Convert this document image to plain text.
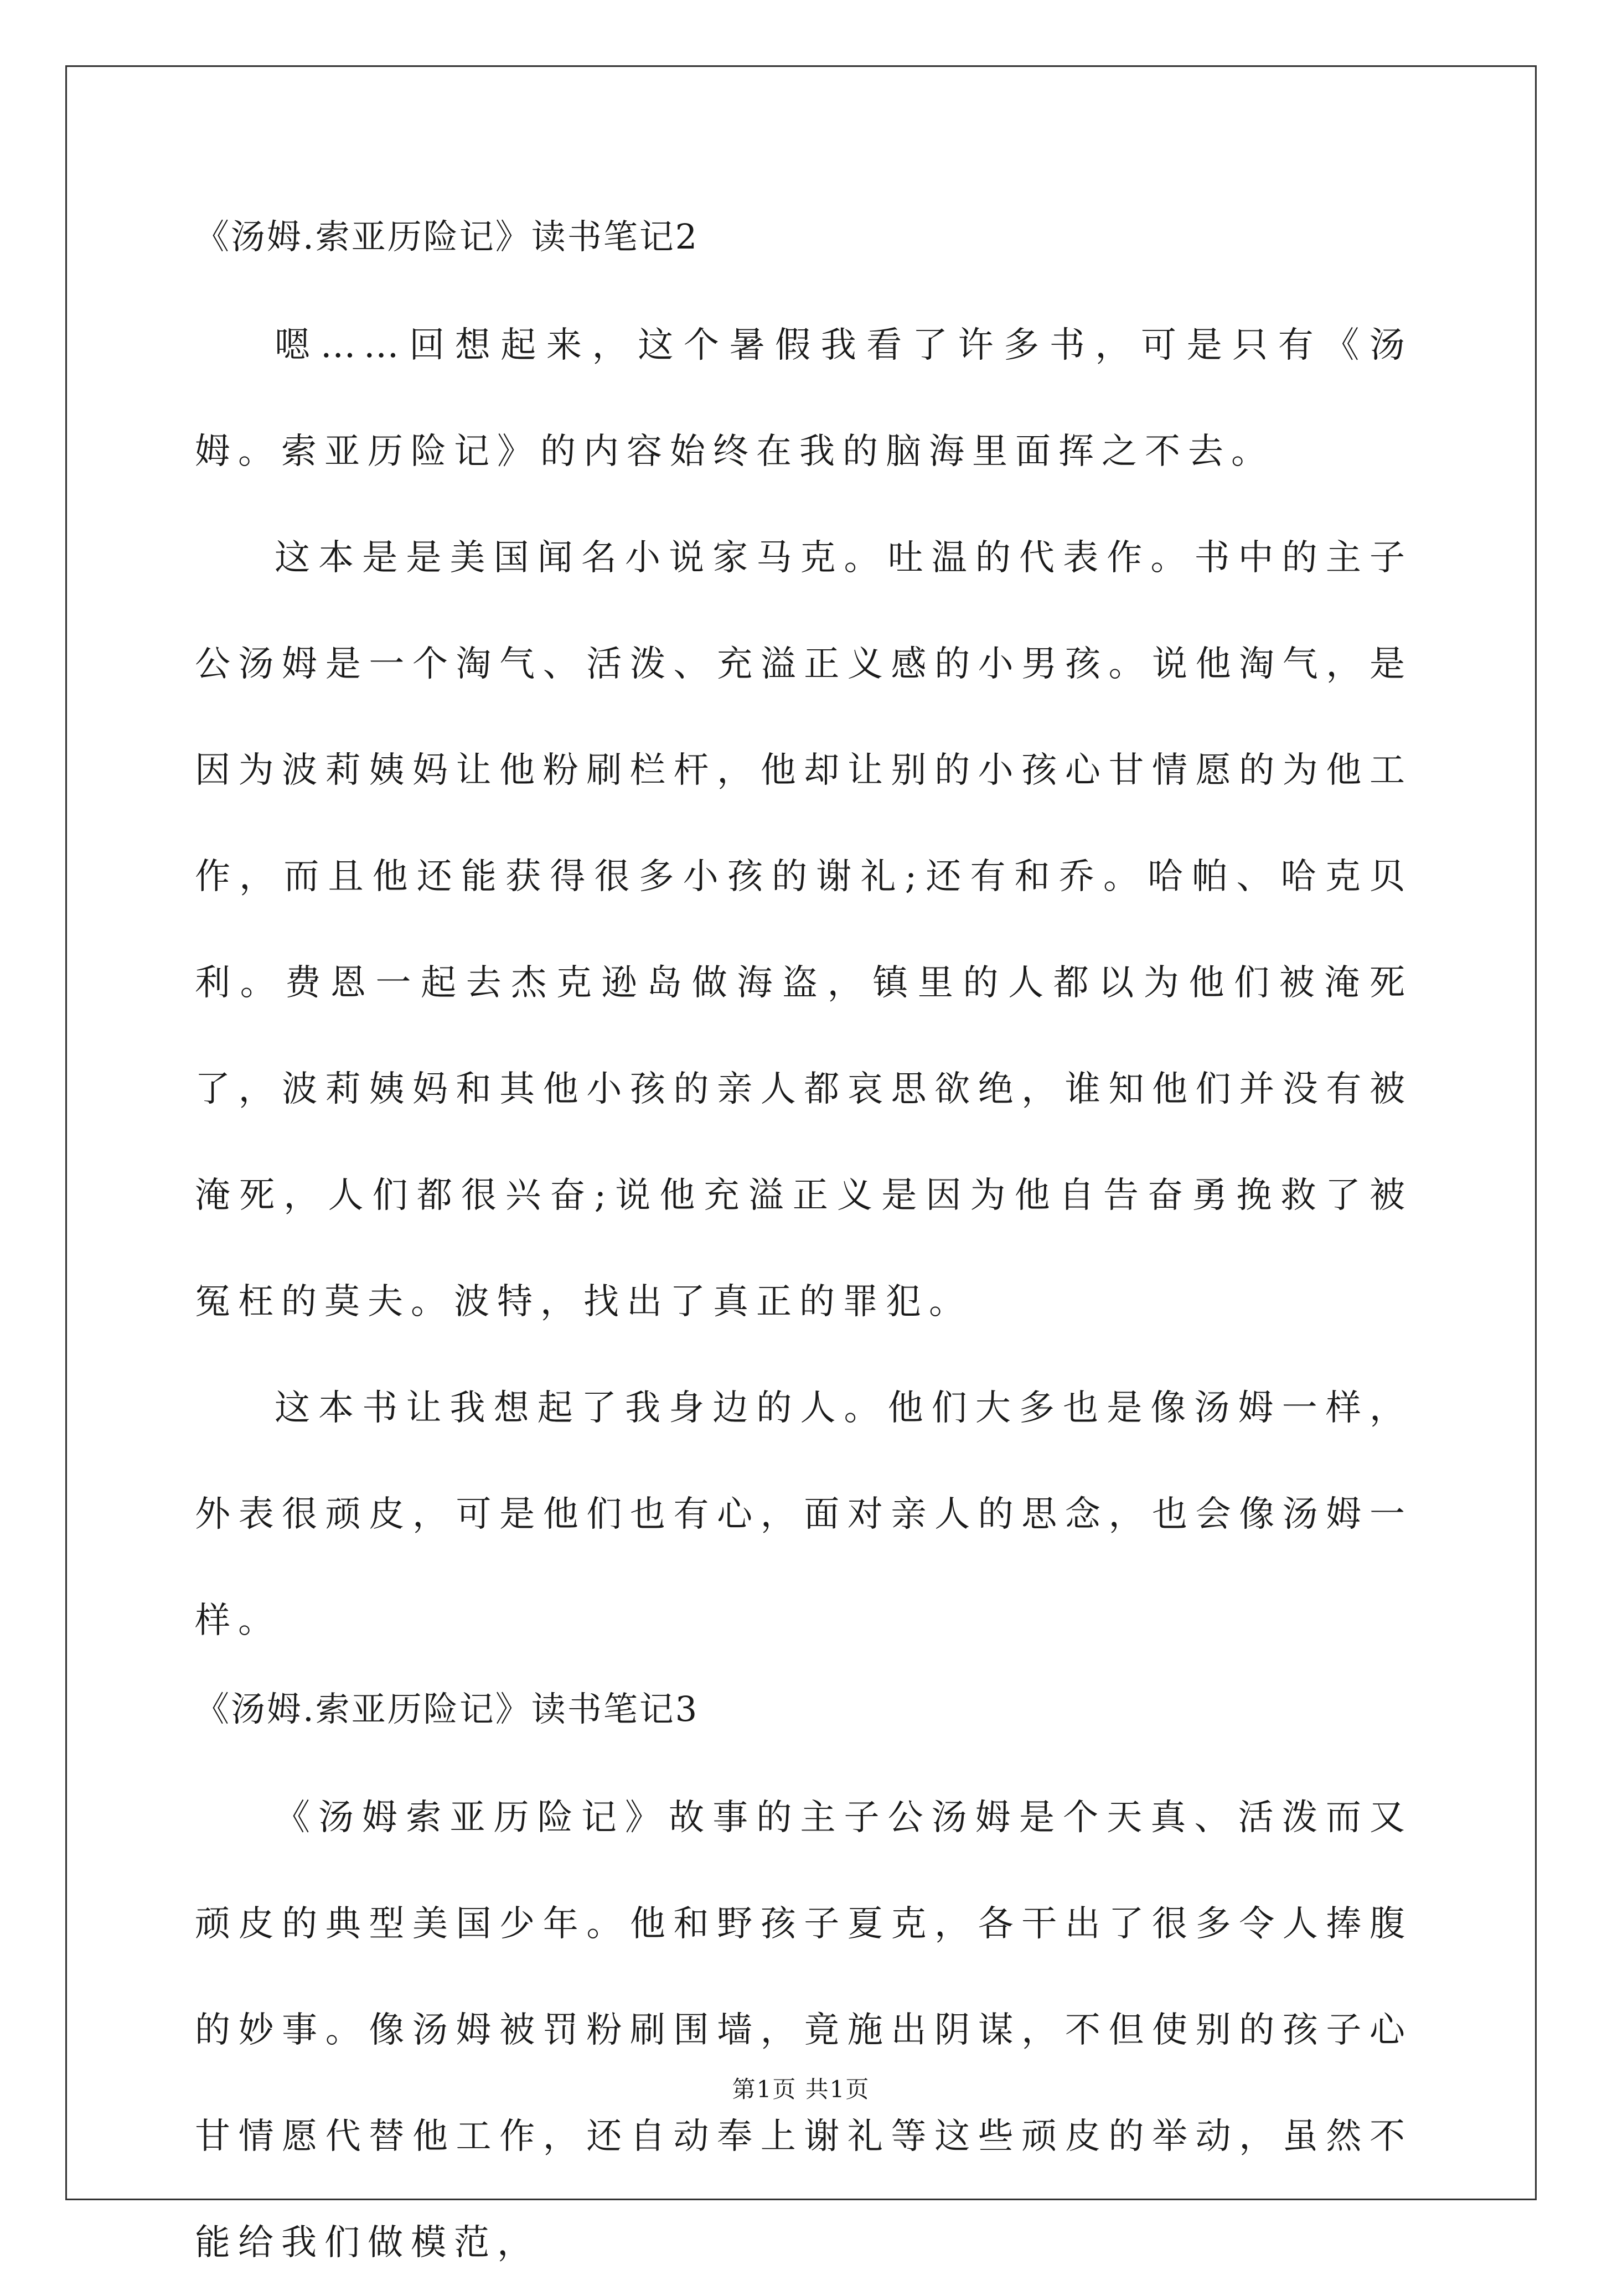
《汤姆.索亚历险记》读书笔记2

嗯……回想起来，这个暑假我看了许多书，可是只有《汤姆。索亚历险记》的内容始终在我的脑海里面挥之不去。

这本是是美国闻名小说家马克。吐温的代表作。书中的主子公汤姆是一个淘气、活泼、充溢正义感的小男孩。说他淘气，是因为波莉姨妈让他粉刷栏杆，他却让别的小孩心甘情愿的为他工作，而且他还能获得很多小孩的谢礼;还有和乔。哈帕、哈克贝利。费恩一起去杰克逊岛做海盗，镇里的人都以为他们被淹死了，波莉姨妈和其他小孩的亲人都哀思欲绝，谁知他们并没有被淹死，人们都很兴奋;说他充溢正义是因为他自告奋勇挽救了被冤枉的莫夫。波特，找出了真正的罪犯。

这本书让我想起了我身边的人。他们大多也是像汤姆一样，外表很顽皮，可是他们也有心，面对亲人的思念，也会像汤姆一样。

《汤姆.索亚历险记》读书笔记3

《汤姆索亚历险记》故事的主子公汤姆是个天真、活泼而又顽皮的典型美国少年。他和野孩子夏克，各干出了很多令人捧腹的妙事。像汤姆被罚粉刷围墙，竟施出阴谋，不但使别的孩子心甘情愿代替他工作，还自动奉上谢礼等这些顽皮的举动，虽然不能给我们做模范，

第1页 共1页
